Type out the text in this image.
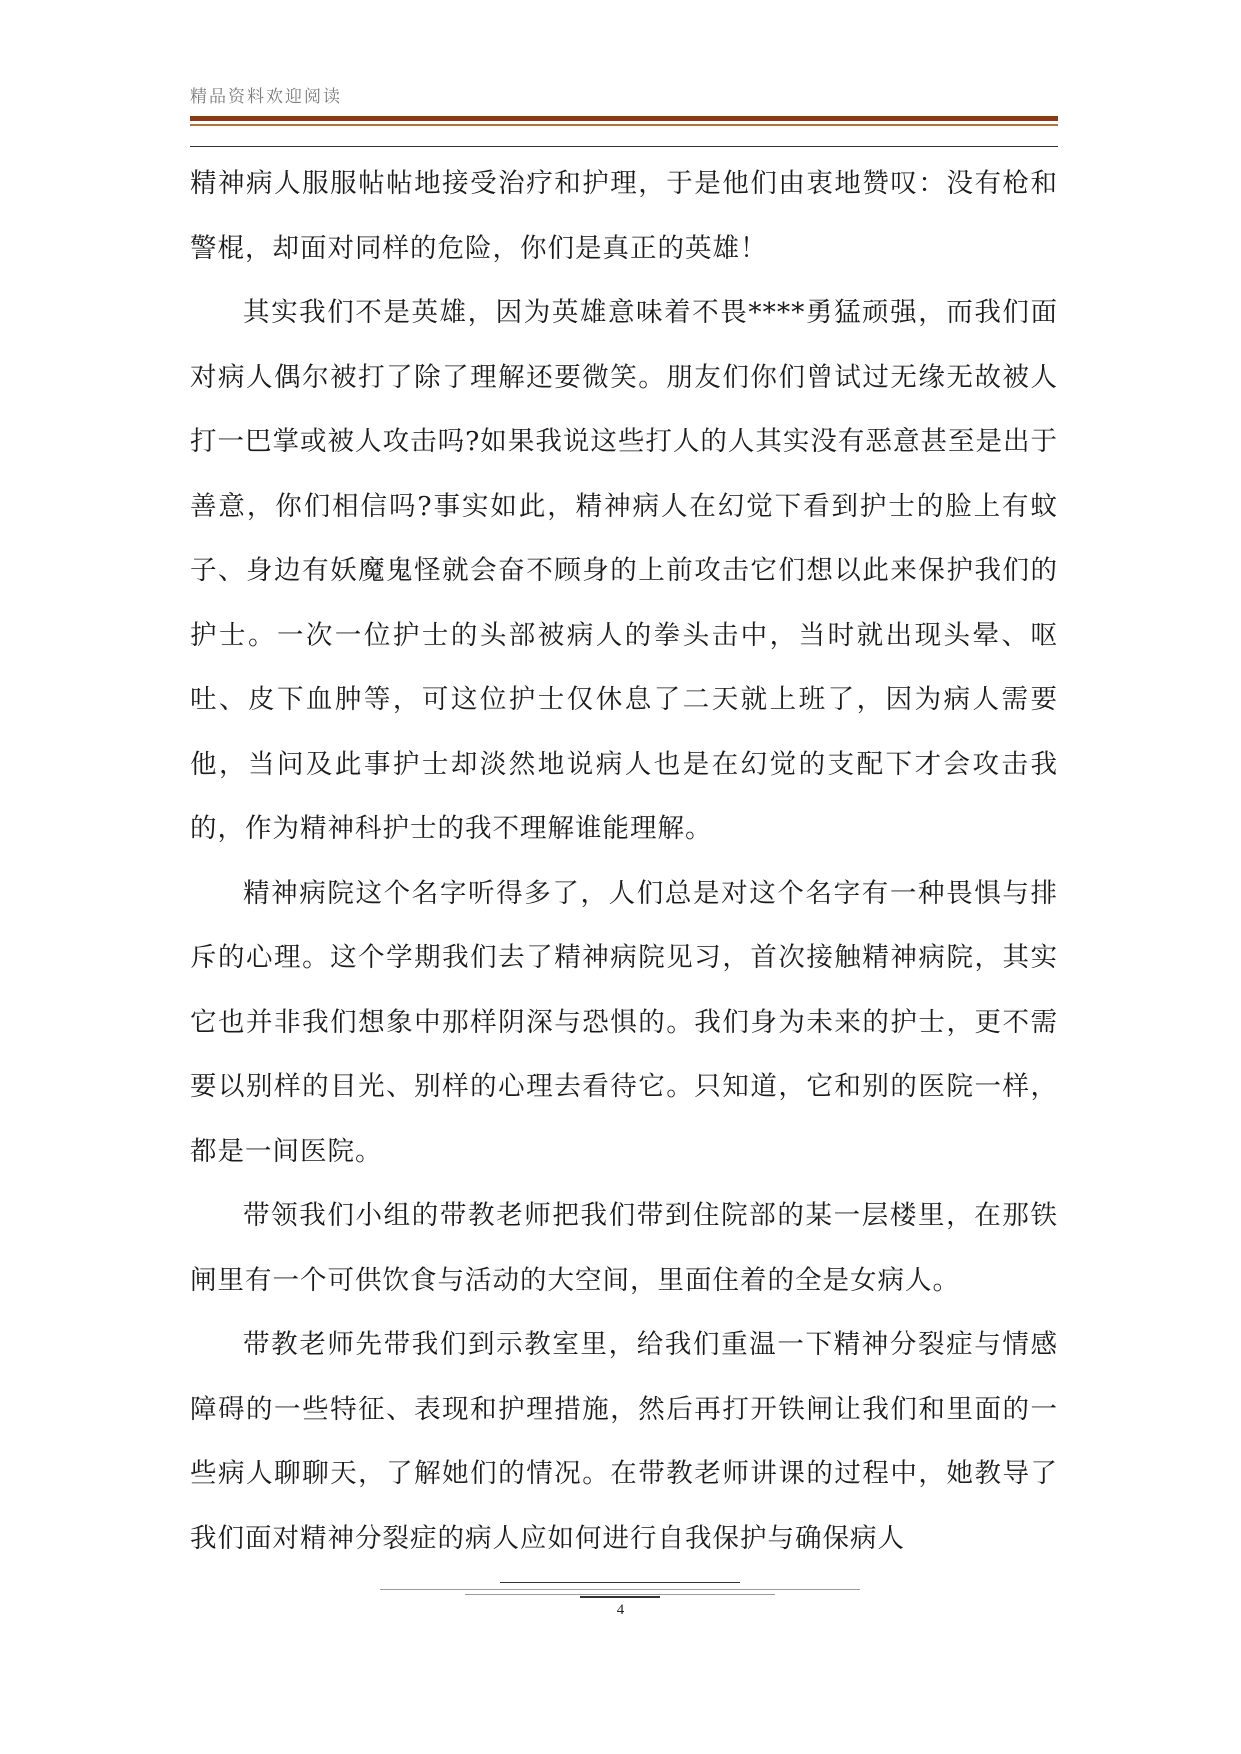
精品资料欢迎阅读

精神病人服服帖帖地接受治疗和护理，于是他们由衷地赞叹：没有枪和警棍，却面对同样的危险，你们是真正的英雄！

其实我们不是英雄，因为英雄意味着不畏****勇猛顽强，而我们面对病人偶尔被打了除了理解还要微笑。朋友们你们曾试过无缘无故被人打一巴掌或被人攻击吗?如果我说这些打人的人其实没有恶意甚至是出于善意，你们相信吗?事实如此，精神病人在幻觉下看到护士的脸上有蚊子、身边有妖魔鬼怪就会奋不顾身的上前攻击它们想以此来保护我们的护士。一次一位护士的头部被病人的拳头击中，当时就出现头晕、呕吐、皮下血肿等，可这位护士仅休息了二天就上班了，因为病人需要他，当问及此事护士却淡然地说病人也是在幻觉的支配下才会攻击我的，作为精神科护士的我不理解谁能理解。

精神病院这个名字听得多了，人们总是对这个名字有一种畏惧与排斥的心理。这个学期我们去了精神病院见习，首次接触精神病院，其实它也并非我们想象中那样阴深与恐惧的。我们身为未来的护士，更不需要以别样的目光、别样的心理去看待它。只知道，它和别的医院一样，都是一间医院。

带领我们小组的带教老师把我们带到住院部的某一层楼里，在那铁闸里有一个可供饮食与活动的大空间，里面住着的全是女病人。

带教老师先带我们到示教室里，给我们重温一下精神分裂症与情感障碍的一些特征、表现和护理措施，然后再打开铁闸让我们和里面的一些病人聊聊天，了解她们的情况。在带教老师讲课的过程中，她教导了我们面对精神分裂症的病人应如何进行自我保护与确保病人

4
